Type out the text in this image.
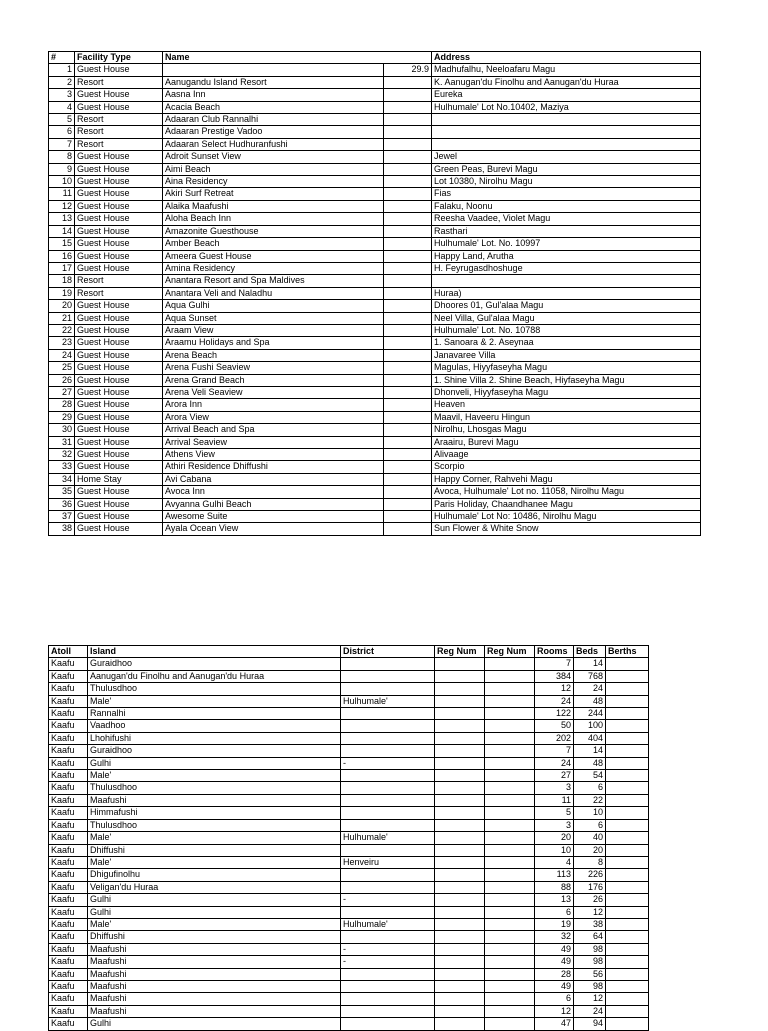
#	Facility Type	Name		Address
1	Guest House		29.9	Madhufalhu, Neeloafaru Magu
2	Resort	Aanugandu Island Resort		K. Aanugan'du Finolhu and Aanugan'du Huraa
3	Guest House	Aasna Inn		Eureka
4	Guest House	Acacia Beach		Hulhumale' Lot No.10402, Maziya
5	Resort	Adaaran Club Rannalhi		
6	Resort	Adaaran Prestige Vadoo		
7	Resort	Adaaran Select Hudhuranfushi		
8	Guest House	Adroit Sunset View		Jewel
9	Guest House	Aimi Beach		Green Peas, Burevi Magu
10	Guest House	Aina Residency		Lot 10380, Nirolhu Magu
11	Guest House	Akiri Surf Retreat		Fias
12	Guest House	Alaika Maafushi		Falaku, Noonu
13	Guest House	Aloha Beach Inn		Reesha Vaadee, Violet Magu
14	Guest House	Amazonite Guesthouse		Rasthari
15	Guest House	Amber Beach		Hulhumale' Lot. No. 10997
16	Guest House	Ameera Guest House		Happy Land, Arutha
17	Guest House	Amina Residency		H. Feyrugasdhoshuge
18	Resort	Anantara Resort and Spa Maldives		
19	Resort	Anantara Veli and Naladhu		Huraa)
20	Guest House	Aqua Gulhi		Dhoores 01, Gul'alaa Magu
21	Guest House	Aqua Sunset		Neel Villa, Gul'alaa Magu
22	Guest House	Araam View		Hulhumale' Lot. No. 10788
23	Guest House	Araamu Holidays and Spa		1. Sanoara & 2. Aseynaa
24	Guest House	Arena Beach		Janavaree Villa
25	Guest House	Arena Fushi Seaview		Magulas, Hiyyfaseyha Magu
26	Guest House	Arena Grand Beach		1. Shine Villa 2. Shine Beach, Hiyfaseyha Magu
27	Guest House	Arena Veli Seaview		Dhonveli, Hiyyfaseyha Magu
28	Guest House	Arora Inn		Heaven
29	Guest House	Arora View		Maavil, Haveeru Hingun
30	Guest House	Arrival Beach and Spa		Nirolhu, Lhosgas Magu
31	Guest House	Arrival Seaview		Araairu, Burevi Magu
32	Guest House	Athens View		Alivaage
33	Guest House	Athiri Residence Dhiffushi		Scorpio
34	Home Stay	Avi Cabana		Happy Corner, Rahvehi Magu
35	Guest House	Avoca Inn		Avoca, Hulhumale' Lot no. 11058, Nirolhu Magu
36	Guest House	Avyanna Gulhi Beach		Paris Holiday, Chaandhanee Magu
37	Guest House	Awesome Suite		Hulhumale' Lot No: 10486, Nirolhu Magu
38	Guest House	Ayala Ocean View		Sun Flower & White Snow
Atoll	Island	District	Reg Num	Reg Num	Rooms	Beds	Berths
Kaafu	Guraidhoo				7	14	
Kaafu	Aanugan'du Finolhu and Aanugan'du Huraa				384	768	
Kaafu	Thulusdhoo				12	24	
Kaafu	Male'	Hulhumale'			24	48	
Kaafu	Rannalhi				122	244	
Kaafu	Vaadhoo				50	100	
Kaafu	Lhohifushi				202	404	
Kaafu	Guraidhoo				7	14	
Kaafu	Gulhi	-			24	48	
Kaafu	Male'				27	54	
Kaafu	Thulusdhoo				3	6	
Kaafu	Maafushi				11	22	
Kaafu	Himmafushi				5	10	
Kaafu	Thulusdhoo				3	6	
Kaafu	Male'	Hulhumale'			20	40	
Kaafu	Dhiffushi				10	20	
Kaafu	Male'	Henveiru			4	8	
Kaafu	Dhigufinolhu				113	226	
Kaafu	Veligan'du Huraa				88	176	
Kaafu	Gulhi	-			13	26	
Kaafu	Gulhi				6	12	
Kaafu	Male'	Hulhumale'			19	38	
Kaafu	Dhiffushi				32	64	
Kaafu	Maafushi	-			49	98	
Kaafu	Maafushi	-			49	98	
Kaafu	Maafushi				28	56	
Kaafu	Maafushi				49	98	
Kaafu	Maafushi				6	12	
Kaafu	Maafushi				12	24	
Kaafu	Gulhi				47	94	
